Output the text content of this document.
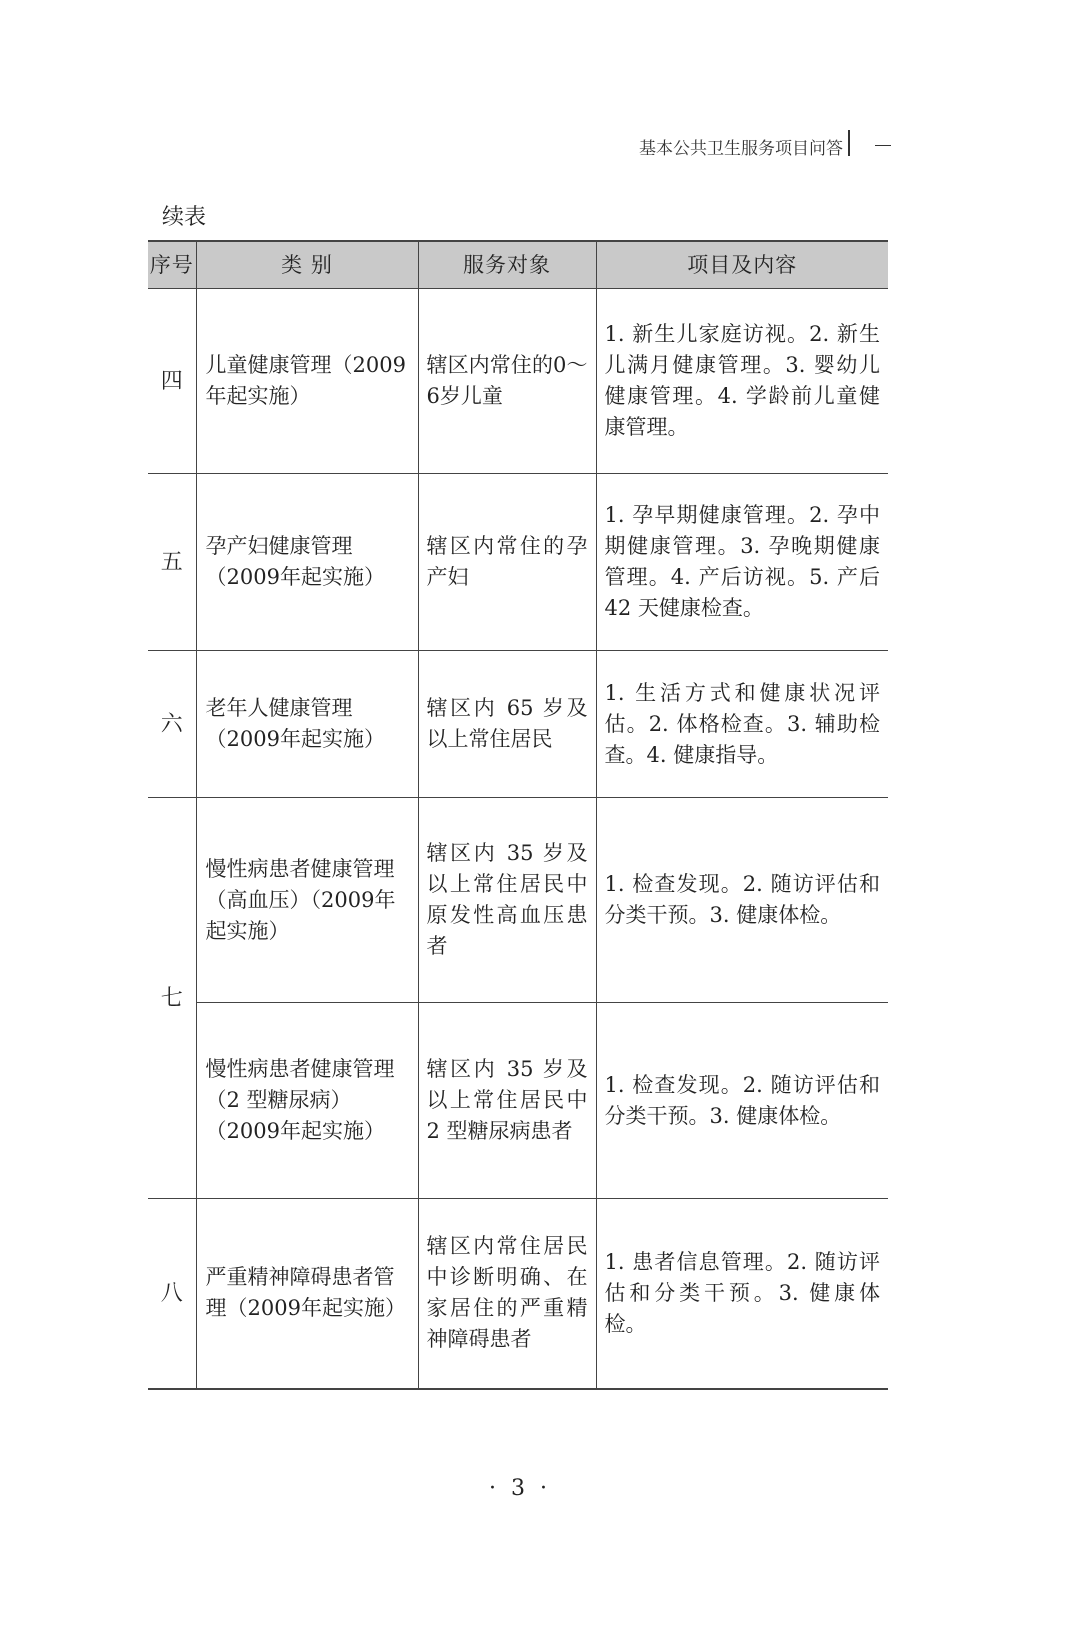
基本公共卫生服务项目问答
续表
序号	类 别	服务对象	项目及内容
四	儿童健康管理（2009年起实施）	辖区内常住的0～6岁儿童	1. 新生儿家庭访视。2. 新生儿满月健康管理。3. 婴幼儿健康管理。4. 学龄前儿童健康管理。
五	孕产妇健康管理（2009年起实施）	辖区内常住的孕产妇	1. 孕早期健康管理。2. 孕中期健康管理。3. 孕晚期健康管理。4. 产后访视。5. 产后 42 天健康检查。
六	老年人健康管理（2009年起实施）	辖区内 65 岁及以上常住居民	1. 生活方式和健康状况评估。2. 体格检查。3. 辅助检查。4. 健康指导。
七	慢性病患者健康管理（高血压）（2009年起实施）	辖区内 35 岁及以上常住居民中原发性高血压患者	1. 检查发现。2. 随访评估和分类干预。3. 健康体检。
	慢性病患者健康管理（2 型糖尿病）（2009年起实施）	辖区内 35 岁及以上常住居民中 2 型糖尿病患者	1. 检查发现。2. 随访评估和分类干预。3. 健康体检。
八	严重精神障碍患者管理（2009年起实施）	辖区内常住居民中诊断明确、在家居住的严重精神障碍患者	1. 患者信息管理。2. 随访评估和分类干预。3. 健康体检。
· 3 ·
